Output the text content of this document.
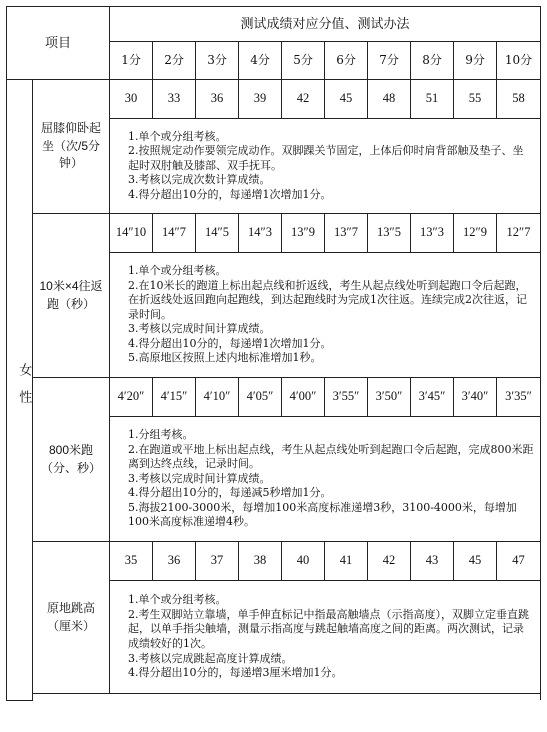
项目		测试成绩对应分值、测试办法									
		1分	2分	3分	4分	5分	6分	7分	8分	9分	10分

女性	屈膝仰卧起坐（次/5分钟）	30	33	36	39	42	45	48	51	55	58

		1.单个或分组考核。
2.按照规定动作要领完成动作。双脚踝关节固定，上体后仰时肩背部触及垫子、坐起时双肘触及膝部、双手抚耳。
3.考核以完成次数计算成绩。
4.得分超出10分的，每递增1次增加1分。									

	10米×4往返跑（秒）	14″10	14″7	14″5	14″3	13″9	13″7	13″5	13″3	12″9	12″7

		1.单个或分组考核。
2.在10米长的跑道上标出起点线和折返线，考生从起点线处听到起跑口令后起跑，在折返线处返回跑向起跑线，到达起跑线时为完成1次往返。连续完成2次往返，记录时间。
3.考核以完成时间计算成绩。
4.得分超出10分的，每递增1次增加1分。
5.高原地区按照上述内地标准增加1秒。									

	800米跑（分、秒）	4′20″	4′15″	4′10″	4′05″	4′00″	3′55″	3′50″	3′45″	3′40″	3′35″

		1.分组考核。
2.在跑道或平地上标出起点线，考生从起点线处听到起跑口令后起跑，完成800米距离到达终点线，记录时间。
3.考核以完成时间计算成绩。
4.得分超出10分的，每递减5秒增加1分。
5.海拔2100-3000米，每增加100米高度标准递增3秒，3100-4000米，每增加100米高度标准递增4秒。									

	原地跳高（厘米）	35	36	37	38	40	41	42	43	45	47

		1.单个或分组考核。
2.考生双脚站立靠墙，单手伸直标记中指最高触墙点（示指高度），双脚立定垂直跳起，以单手指尖触墙，测量示指高度与跳起触墙高度之间的距离。两次测试，记录成绩较好的1次。
3.考核以完成跳起高度计算成绩。
4.得分超出10分的，每递增3厘米增加1分。									
